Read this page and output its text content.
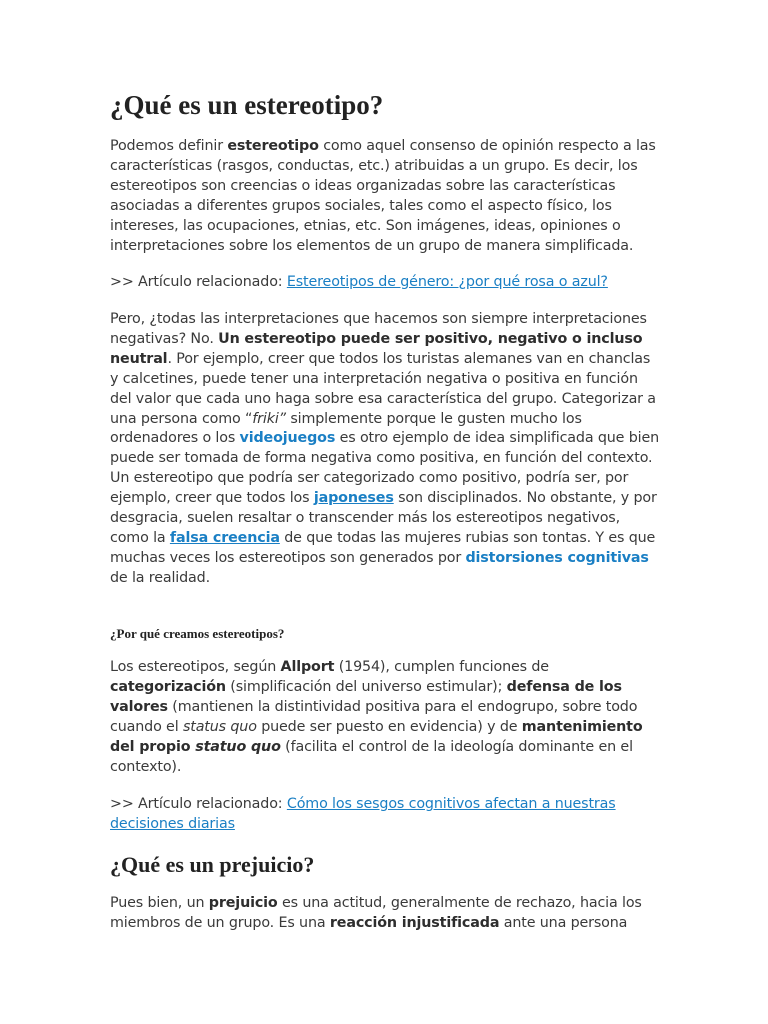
¿Qué es un estereotipo?

Podemos definir estereotipo como aquel consenso de opinión respecto a las características (rasgos, conductas, etc.) atribuidas a un grupo. Es decir, los estereotipos son creencias o ideas organizadas sobre las características asociadas a diferentes grupos sociales, tales como el aspecto físico, los intereses, las ocupaciones, etnias, etc. Son imágenes, ideas, opiniones o interpretaciones sobre los elementos de un grupo de manera simplificada.

>> Artículo relacionado: Estereotipos de género: ¿por qué rosa o azul?

Pero, ¿todas las interpretaciones que hacemos son siempre interpretaciones negativas? No. Un estereotipo puede ser positivo, negativo o incluso neutral. Por ejemplo, creer que todos los turistas alemanes van en chanclas y calcetines, puede tener una interpretación negativa o positiva en función del valor que cada uno haga sobre esa característica del grupo. Categorizar a una persona como “friki” simplemente porque le gusten mucho los ordenadores o los videojuegos es otro ejemplo de idea simplificada que bien puede ser tomada de forma negativa como positiva, en función del contexto. Un estereotipo que podría ser categorizado como positivo, podría ser, por ejemplo, creer que todos los japoneses son disciplinados. No obstante, y por desgracia, suelen resaltar o transcender más los estereotipos negativos, como la falsa creencia de que todas las mujeres rubias son tontas. Y es que muchas veces los estereotipos son generados por distorsiones cognitivas de la realidad.

¿Por qué creamos estereotipos?

Los estereotipos, según Allport (1954), cumplen funciones de categorización (simplificación del universo estimular); defensa de los valores (mantienen la distintividad positiva para el endogrupo, sobre todo cuando el status quo puede ser puesto en evidencia) y de mantenimiento del propio statuo quo (facilita el control de la ideología dominante en el contexto).

>> Artículo relacionado: Cómo los sesgos cognitivos afectan a nuestras decisiones diarias

¿Qué es un prejuicio?

Pues bien, un prejuicio es una actitud, generalmente de rechazo, hacia los miembros de un grupo. Es una reacción injustificada ante una persona
